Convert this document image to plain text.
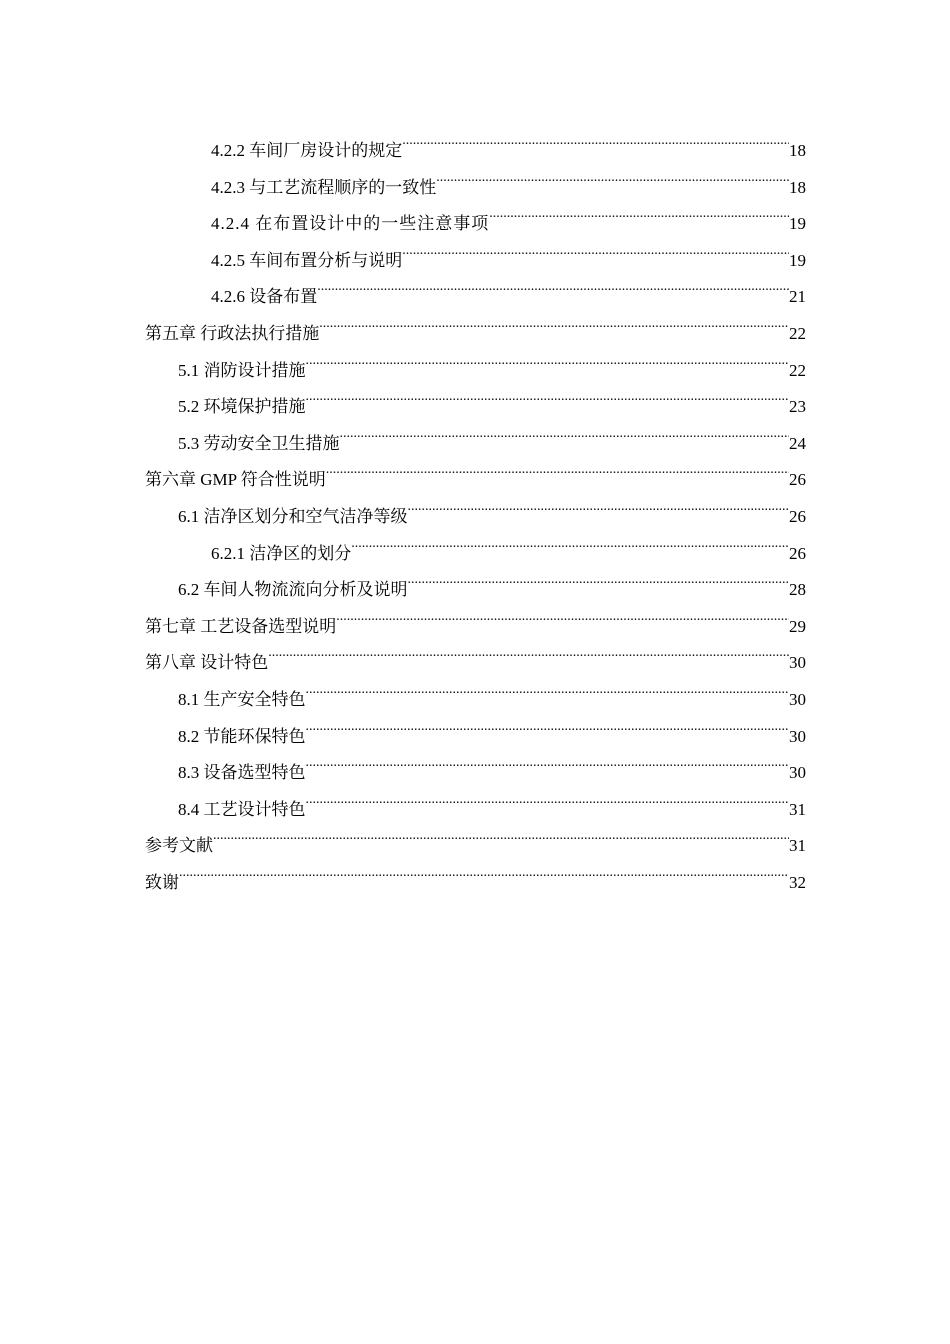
4.2.2 车间厂房设计的规定 .....	18
4.2.3 与工艺流程顺序的一致性 .....	18
4.2.4 在布置设计中的一些注意事项 .....	19
4.2.5 车间布置分析与说明 .....	19
4.2.6 设备布置 .....	21
第五章 行政法执行措施 .....	22
5.1 消防设计措施 .....	22
5.2 环境保护措施 .....	23
5.3 劳动安全卫生措施 .....	24
第六章 GMP 符合性说明 .....	26
6.1 洁净区划分和空气洁净等级 .....	26
6.2.1 洁净区的划分 .....	26
6.2 车间人物流流向分析及说明 .....	28
第七章 工艺设备选型说明 .....	29
第八章 设计特色 .....	30
8.1 生产安全特色 .....	30
8.2 节能环保特色 .....	30
8.3 设备选型特色 .....	30
8.4 工艺设计特色 .....	31
参考文献 .....	31
致谢 .....	32
